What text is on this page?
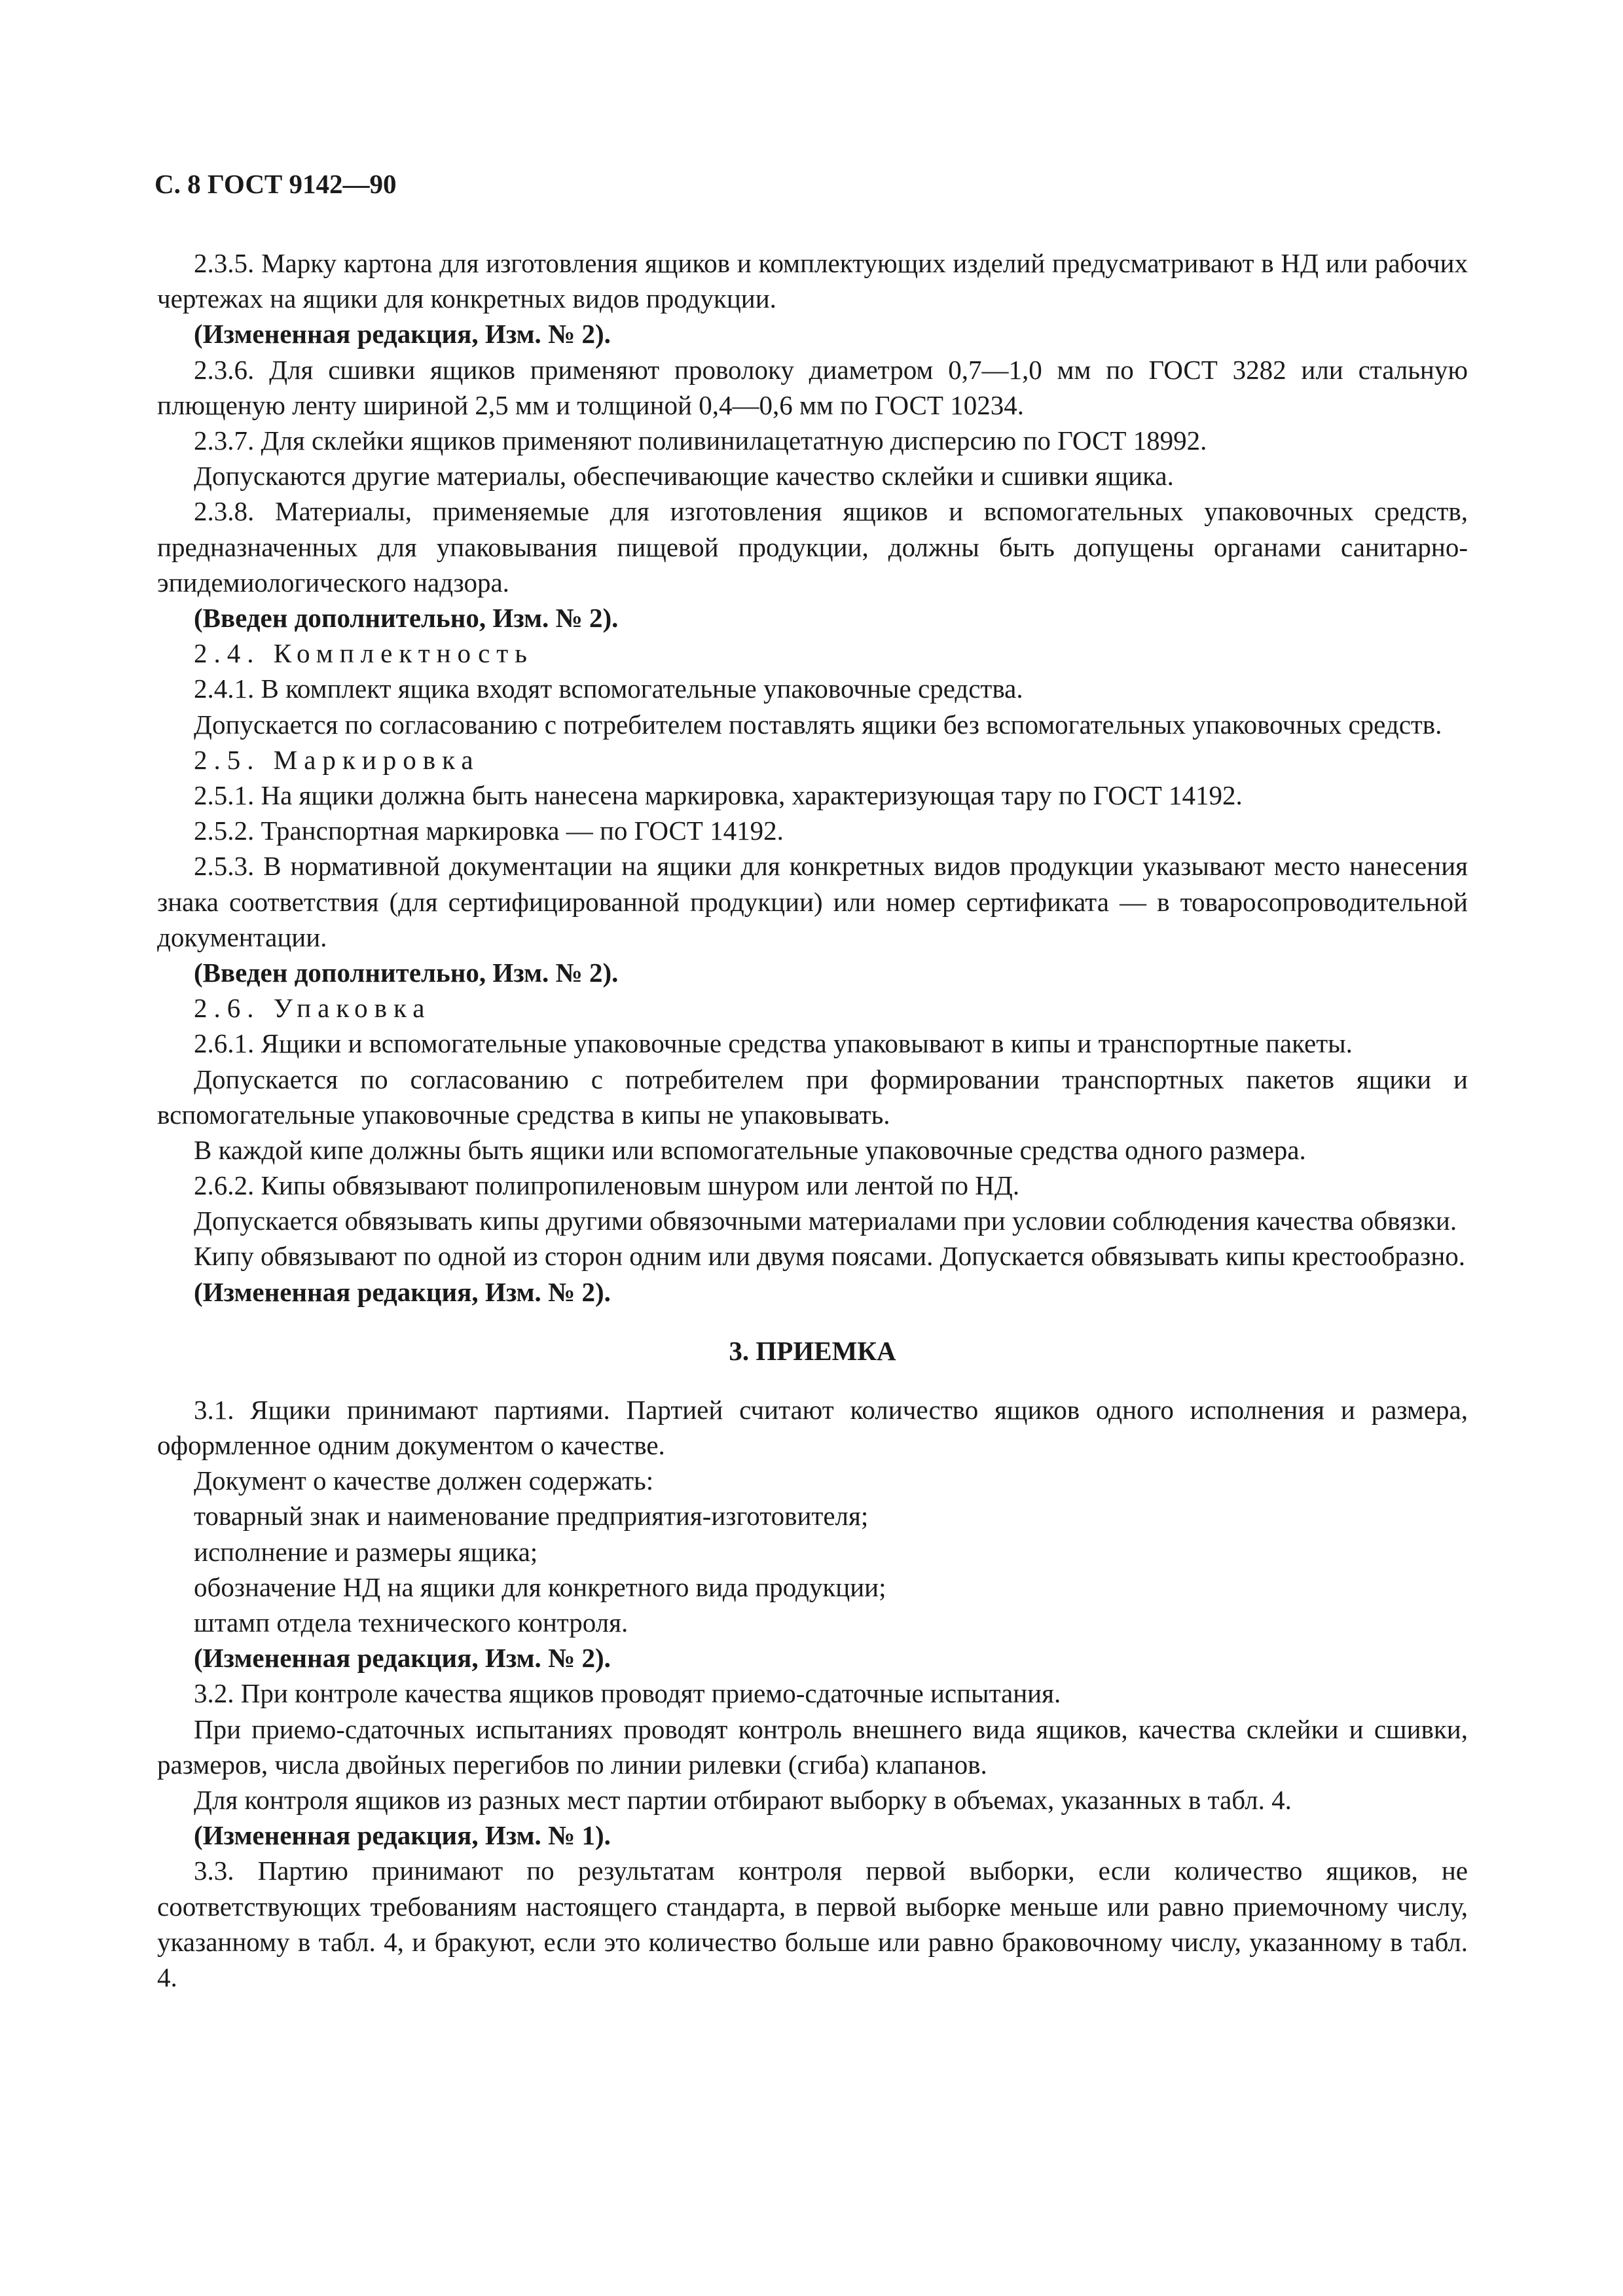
С. 8 ГОСТ 9142—90
2.3.5. Марку картона для изготовления ящиков и комплектующих изделий предусматривают в НД или рабочих чертежах на ящики для конкретных видов продукции.
(Измененная редакция, Изм. № 2).
2.3.6. Для сшивки ящиков применяют проволоку диаметром 0,7—1,0 мм по ГОСТ 3282 или стальную плющеную ленту шириной 2,5 мм и толщиной 0,4—0,6 мм по ГОСТ 10234.
2.3.7. Для склейки ящиков применяют поливинилацетатную дисперсию по ГОСТ 18992.
Допускаются другие материалы, обеспечивающие качество склейки и сшивки ящика.
2.3.8. Материалы, применяемые для изготовления ящиков и вспомогательных упаковочных средств, предназначенных для упаковывания пищевой продукции, должны быть допущены органами санитарно-эпидемиологического надзора.
(Введен дополнительно, Изм. № 2).
2.4. Комплектность
2.4.1. В комплект ящика входят вспомогательные упаковочные средства.
Допускается по согласованию с потребителем поставлять ящики без вспомогательных упаковочных средств.
2.5. Маркировка
2.5.1. На ящики должна быть нанесена маркировка, характеризующая тару по ГОСТ 14192.
2.5.2. Транспортная маркировка — по ГОСТ 14192.
2.5.3. В нормативной документации на ящики для конкретных видов продукции указывают место нанесения знака соответствия (для сертифицированной продукции) или номер сертификата — в товаросопроводительной документации.
(Введен дополнительно, Изм. № 2).
2.6. Упаковка
2.6.1. Ящики и вспомогательные упаковочные средства упаковывают в кипы и транспортные пакеты.
Допускается по согласованию с потребителем при формировании транспортных пакетов ящики и вспомогательные упаковочные средства в кипы не упаковывать.
В каждой кипе должны быть ящики или вспомогательные упаковочные средства одного размера.
2.6.2. Кипы обвязывают полипропиленовым шнуром или лентой по НД.
Допускается обвязывать кипы другими обвязочными материалами при условии соблюдения качества обвязки.
Кипу обвязывают по одной из сторон одним или двумя поясами. Допускается обвязывать кипы крестообразно.
(Измененная редакция, Изм. № 2).
3. ПРИЕМКА
3.1. Ящики принимают партиями. Партией считают количество ящиков одного исполнения и размера, оформленное одним документом о качестве.
Документ о качестве должен содержать:
товарный знак и наименование предприятия-изготовителя;
исполнение и размеры ящика;
обозначение НД на ящики для конкретного вида продукции;
штамп отдела технического контроля.
(Измененная редакция, Изм. № 2).
3.2. При контроле качества ящиков проводят приемо-сдаточные испытания.
При приемо-сдаточных испытаниях проводят контроль внешнего вида ящиков, качества склейки и сшивки, размеров, числа двойных перегибов по линии рилевки (сгиба) клапанов.
Для контроля ящиков из разных мест партии отбирают выборку в объемах, указанных в табл. 4.
(Измененная редакция, Изм. № 1).
3.3. Партию принимают по результатам контроля первой выборки, если количество ящиков, не соответствующих требованиям настоящего стандарта, в первой выборке меньше или равно приемочному числу, указанному в табл. 4, и бракуют, если это количество больше или равно браковочному числу, указанному в табл. 4.
